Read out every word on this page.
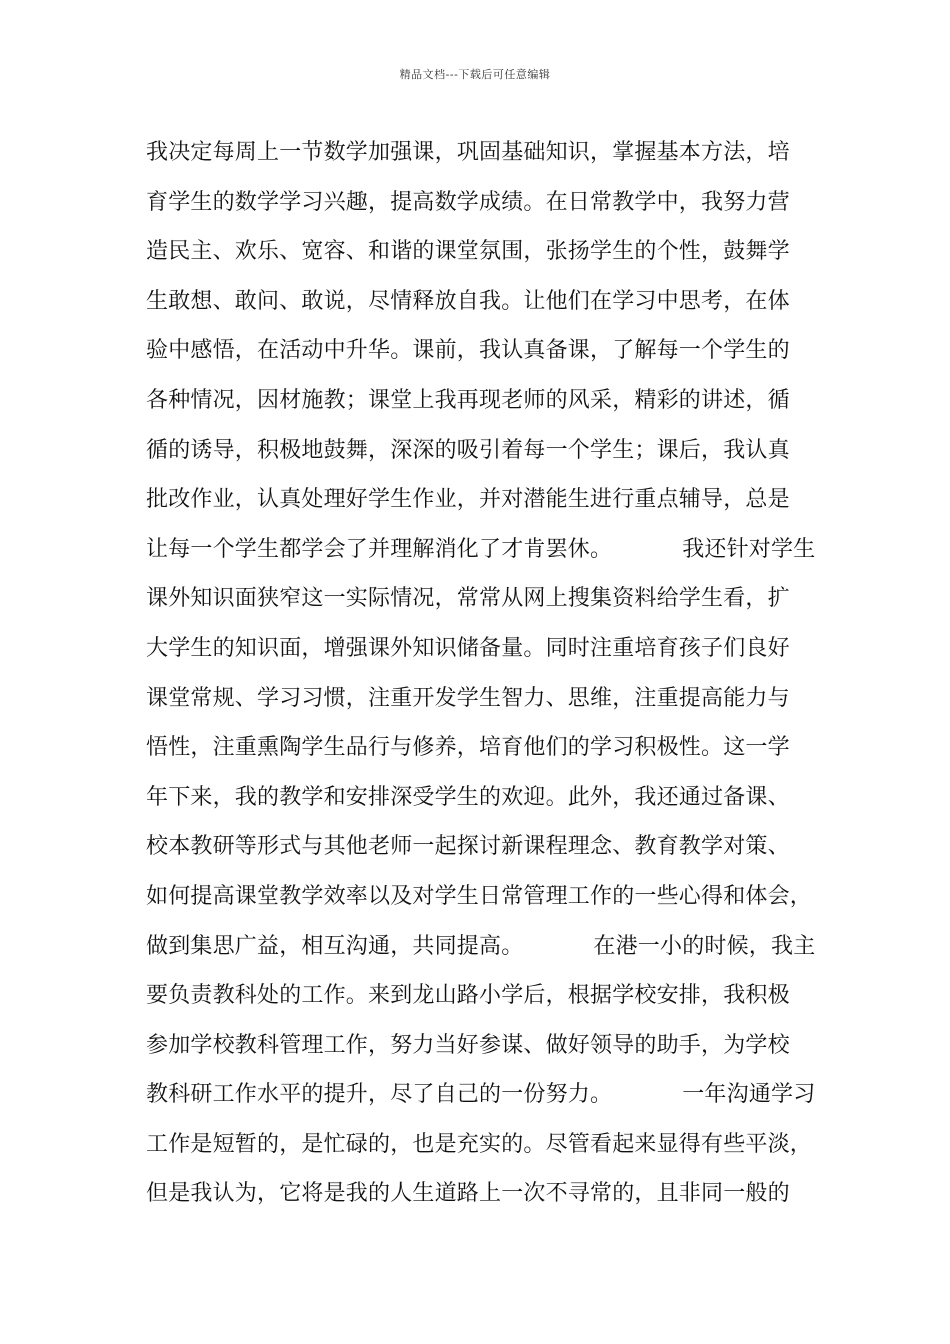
精品文档---下载后可任意编辑
我决定每周上一节数学加强课，巩固基础知识，掌握基本方法，培
育学生的数学学习兴趣，提高数学成绩。在日常教学中，我努力营
造民主、欢乐、宽容、和谐的课堂氛围，张扬学生的个性，鼓舞学
生敢想、敢问、敢说，尽情释放自我。让他们在学习中思考，在体
验中感悟，在活动中升华。课前，我认真备课，了解每一个学生的
各种情况，因材施教；课堂上我再现老师的风采，精彩的讲述，循
循的诱导，积极地鼓舞，深深的吸引着每一个学生；课后，我认真
批改作业，认真处理好学生作业，并对潜能生进行重点辅导，总是
让每一个学生都学会了并理解消化了才肯罢休。	我还针对学生
课外知识面狭窄这一实际情况，常常从网上搜集资料给学生看，扩
大学生的知识面，增强课外知识储备量。同时注重培育孩子们良好
课堂常规、学习习惯，注重开发学生智力、思维，注重提高能力与
悟性，注重熏陶学生品行与修养，培育他们的学习积极性。这一学
年下来，我的教学和安排深受学生的欢迎。此外，我还通过备课、
校本教研等形式与其他老师一起探讨新课程理念、教育教学对策、
如何提高课堂教学效率以及对学生日常管理工作的一些心得和体会，
做到集思广益，相互沟通，共同提高。	在港一小的时候，我主
要负责教科处的工作。来到龙山路小学后，根据学校安排，我积极
参加学校教科管理工作，努力当好参谋、做好领导的助手，为学校
教科研工作水平的提升，尽了自己的一份努力。	一年沟通学习
工作是短暂的，是忙碌的，也是充实的。尽管看起来显得有些平淡，
但是我认为，它将是我的人生道路上一次不寻常的，且非同一般的
